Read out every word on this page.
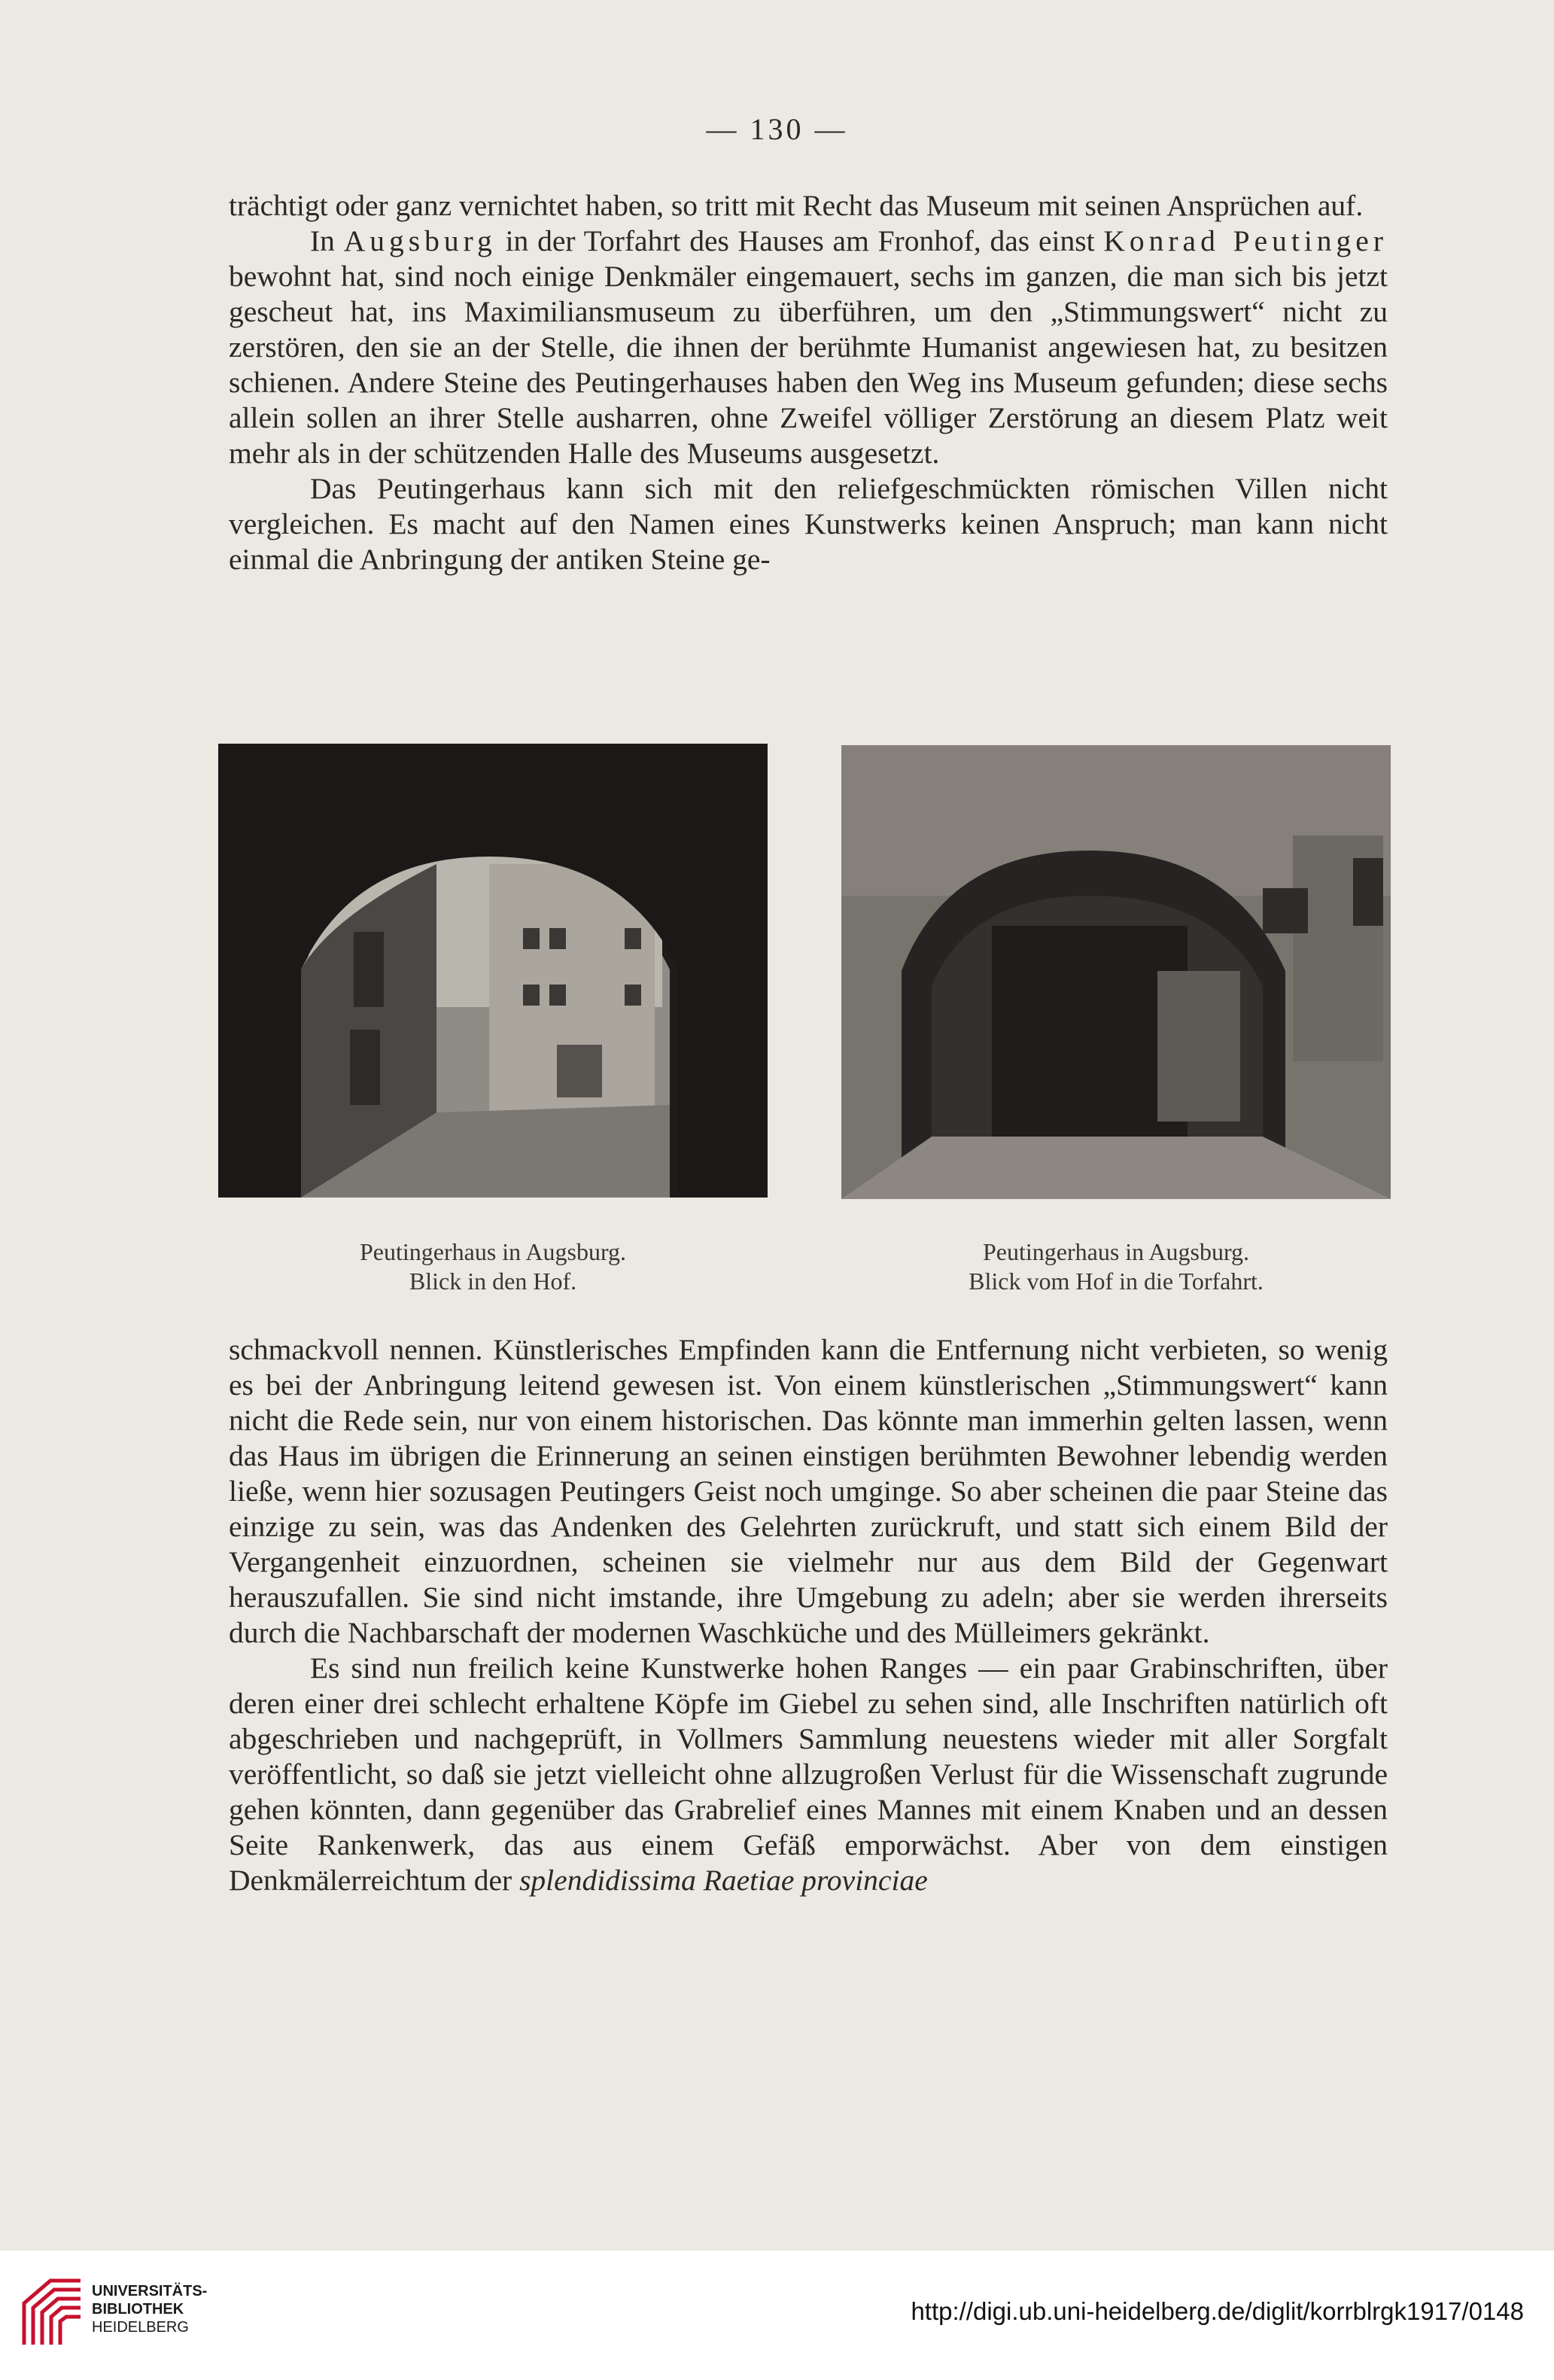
— 130 —

trächtigt oder ganz vernichtet haben, so tritt mit Recht das Museum mit seinen Ansprüchen auf.

In Augsburg in der Torfahrt des Hauses am Fronhof, das einst Konrad Peutinger bewohnt hat, sind noch einige Denkmäler eingemauert, sechs im ganzen, die man sich bis jetzt gescheut hat, ins Maximiliansmuseum zu überführen, um den „Stimmungswert“ nicht zu zerstören, den sie an der Stelle, die ihnen der berühmte Humanist angewiesen hat, zu besitzen schienen. Andere Steine des Peutingerhauses haben den Weg ins Museum gefunden; diese sechs allein sollen an ihrer Stelle ausharren, ohne Zweifel völliger Zerstörung an diesem Platz weit mehr als in der schützenden Halle des Museums ausgesetzt.

Das Peutingerhaus kann sich mit den reliefgeschmückten römischen Villen nicht vergleichen. Es macht auf den Namen eines Kunstwerks keinen Anspruch; man kann nicht einmal die Anbringung der antiken Steine ge-

Peutingerhaus in Augsburg.
Blick in den Hof.
Peutingerhaus in Augsburg.
Blick vom Hof in die Torfahrt.

schmackvoll nennen. Künstlerisches Empfinden kann die Entfernung nicht verbieten, so wenig es bei der Anbringung leitend gewesen ist. Von einem künstlerischen „Stimmungswert“ kann nicht die Rede sein, nur von einem historischen. Das könnte man immerhin gelten lassen, wenn das Haus im übrigen die Erinnerung an seinen einstigen berühmten Bewohner lebendig werden ließe, wenn hier sozusagen Peutingers Geist noch umginge. So aber scheinen die paar Steine das einzige zu sein, was das Andenken des Gelehrten zurückruft, und statt sich einem Bild der Vergangenheit einzuordnen, scheinen sie vielmehr nur aus dem Bild der Gegenwart herauszufallen. Sie sind nicht imstande, ihre Umgebung zu adeln; aber sie werden ihrerseits durch die Nachbarschaft der modernen Waschküche und des Mülleimers gekränkt.

Es sind nun freilich keine Kunstwerke hohen Ranges — ein paar Grabinschriften, über deren einer drei schlecht erhaltene Köpfe im Giebel zu sehen sind, alle Inschriften natürlich oft abgeschrieben und nachgeprüft, in Vollmers Sammlung neuestens wieder mit aller Sorgfalt veröffentlicht, so daß sie jetzt vielleicht ohne allzugroßen Verlust für die Wissenschaft zugrunde gehen könnten, dann gegenüber das Grabrelief eines Mannes mit einem Knaben und an dessen Seite Rankenwerk, das aus einem Gefäß emporwächst. Aber von dem einstigen Denkmälerreichtum der splendidissima Raetiae provinciae

UNIVERSITÄTS-
BIBLIOTHEK
HEIDELBERG
http://digi.ub.uni-heidelberg.de/diglit/korrblrgk1917/0148
